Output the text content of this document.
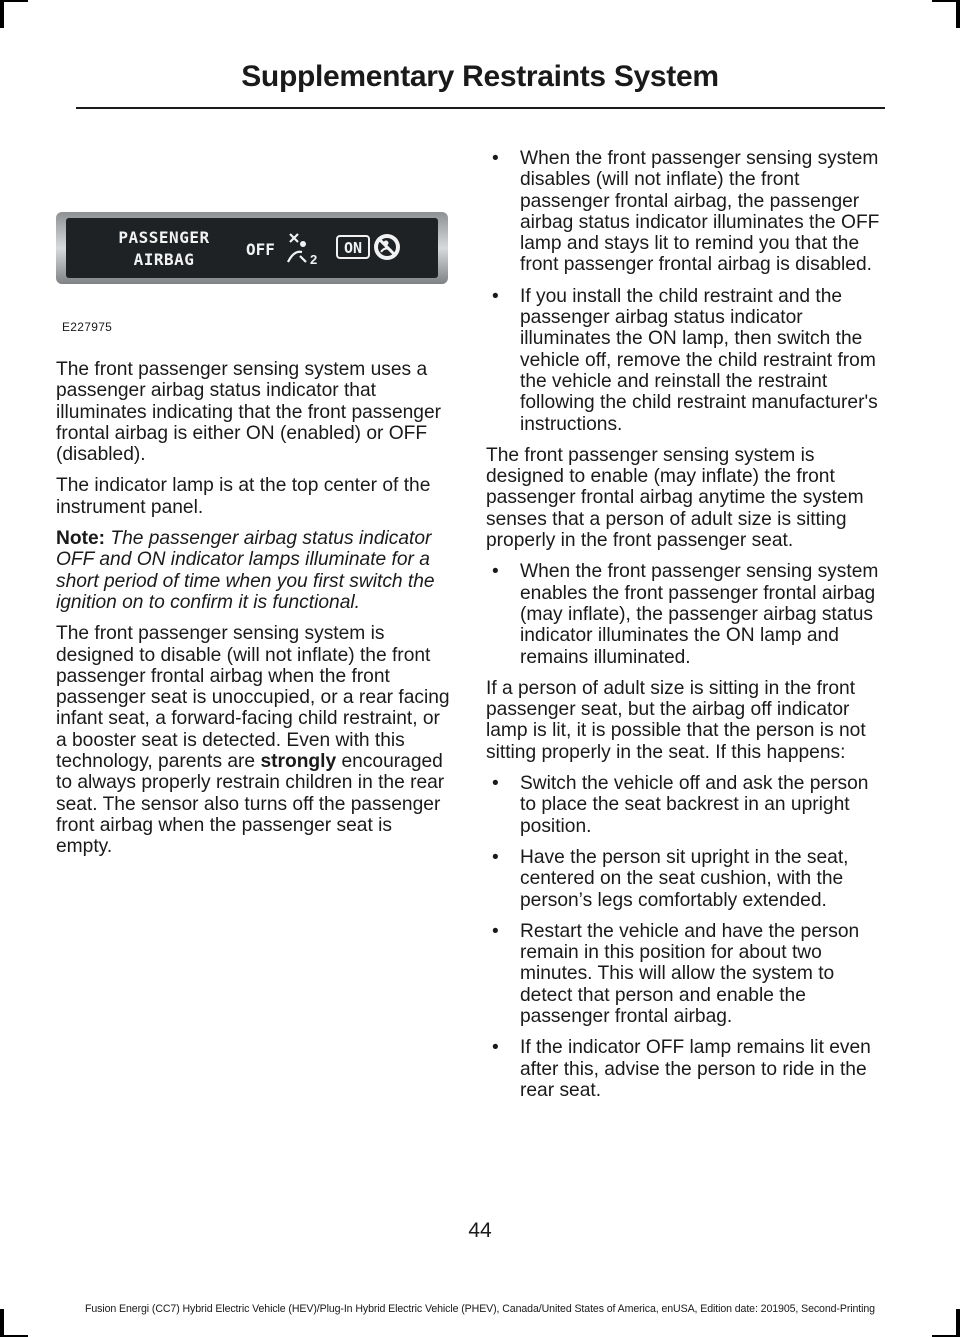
Supplementary Restraints System
2
PASSENGER
AIRBAG
OFF	ON
E227975

The front passenger sensing system uses a passenger airbag status indicator that illuminates indicating that the front passenger frontal airbag is either ON (enabled) or OFF (disabled).

The indicator lamp is at the top center of the instrument panel.

Note: The passenger airbag status indicator OFF and ON indicator lamps illuminate for a short period of time when you first switch the ignition on to confirm it is functional.

The front passenger sensing system is designed to disable (will not inflate) the front passenger frontal airbag when the front passenger seat is unoccupied, or a rear facing infant seat, a forward-facing child restraint, or a booster seat is detected. Even with this technology, parents are strongly encouraged to always properly restrain children in the rear seat. The sensor also turns off the passenger front airbag when the passenger seat is empty.

• When the front passenger sensing system disables (will not inflate) the front passenger frontal airbag, the passenger airbag status indicator illuminates the OFF lamp and stays lit to remind you that the front passenger frontal airbag is disabled.
• If you install the child restraint and the passenger airbag status indicator illuminates the ON lamp, then switch the vehicle off, remove the child restraint from the vehicle and reinstall the restraint following the child restraint manufacturer's instructions.

The front passenger sensing system is designed to enable (may inflate) the front passenger frontal airbag anytime the system senses that a person of adult size is sitting properly in the front passenger seat.

• When the front passenger sensing system enables the front passenger frontal airbag (may inflate), the passenger airbag status indicator illuminates the ON lamp and remains illuminated.

If a person of adult size is sitting in the front passenger seat, but the airbag off indicator lamp is lit, it is possible that the person is not sitting properly in the seat. If this happens:

• Switch the vehicle off and ask the person to place the seat backrest in an upright position.
• Have the person sit upright in the seat, centered on the seat cushion, with the person’s legs comfortably extended.
• Restart the vehicle and have the person remain in this position for about two minutes. This will allow the system to detect that person and enable the passenger frontal airbag.
• If the indicator OFF lamp remains lit even after this, advise the person to ride in the rear seat.
44
Fusion Energi (CC7) Hybrid Electric Vehicle (HEV)/Plug-In Hybrid Electric Vehicle (PHEV), Canada/United States of America, enUSA, Edition date: 201905, Second-Printing
